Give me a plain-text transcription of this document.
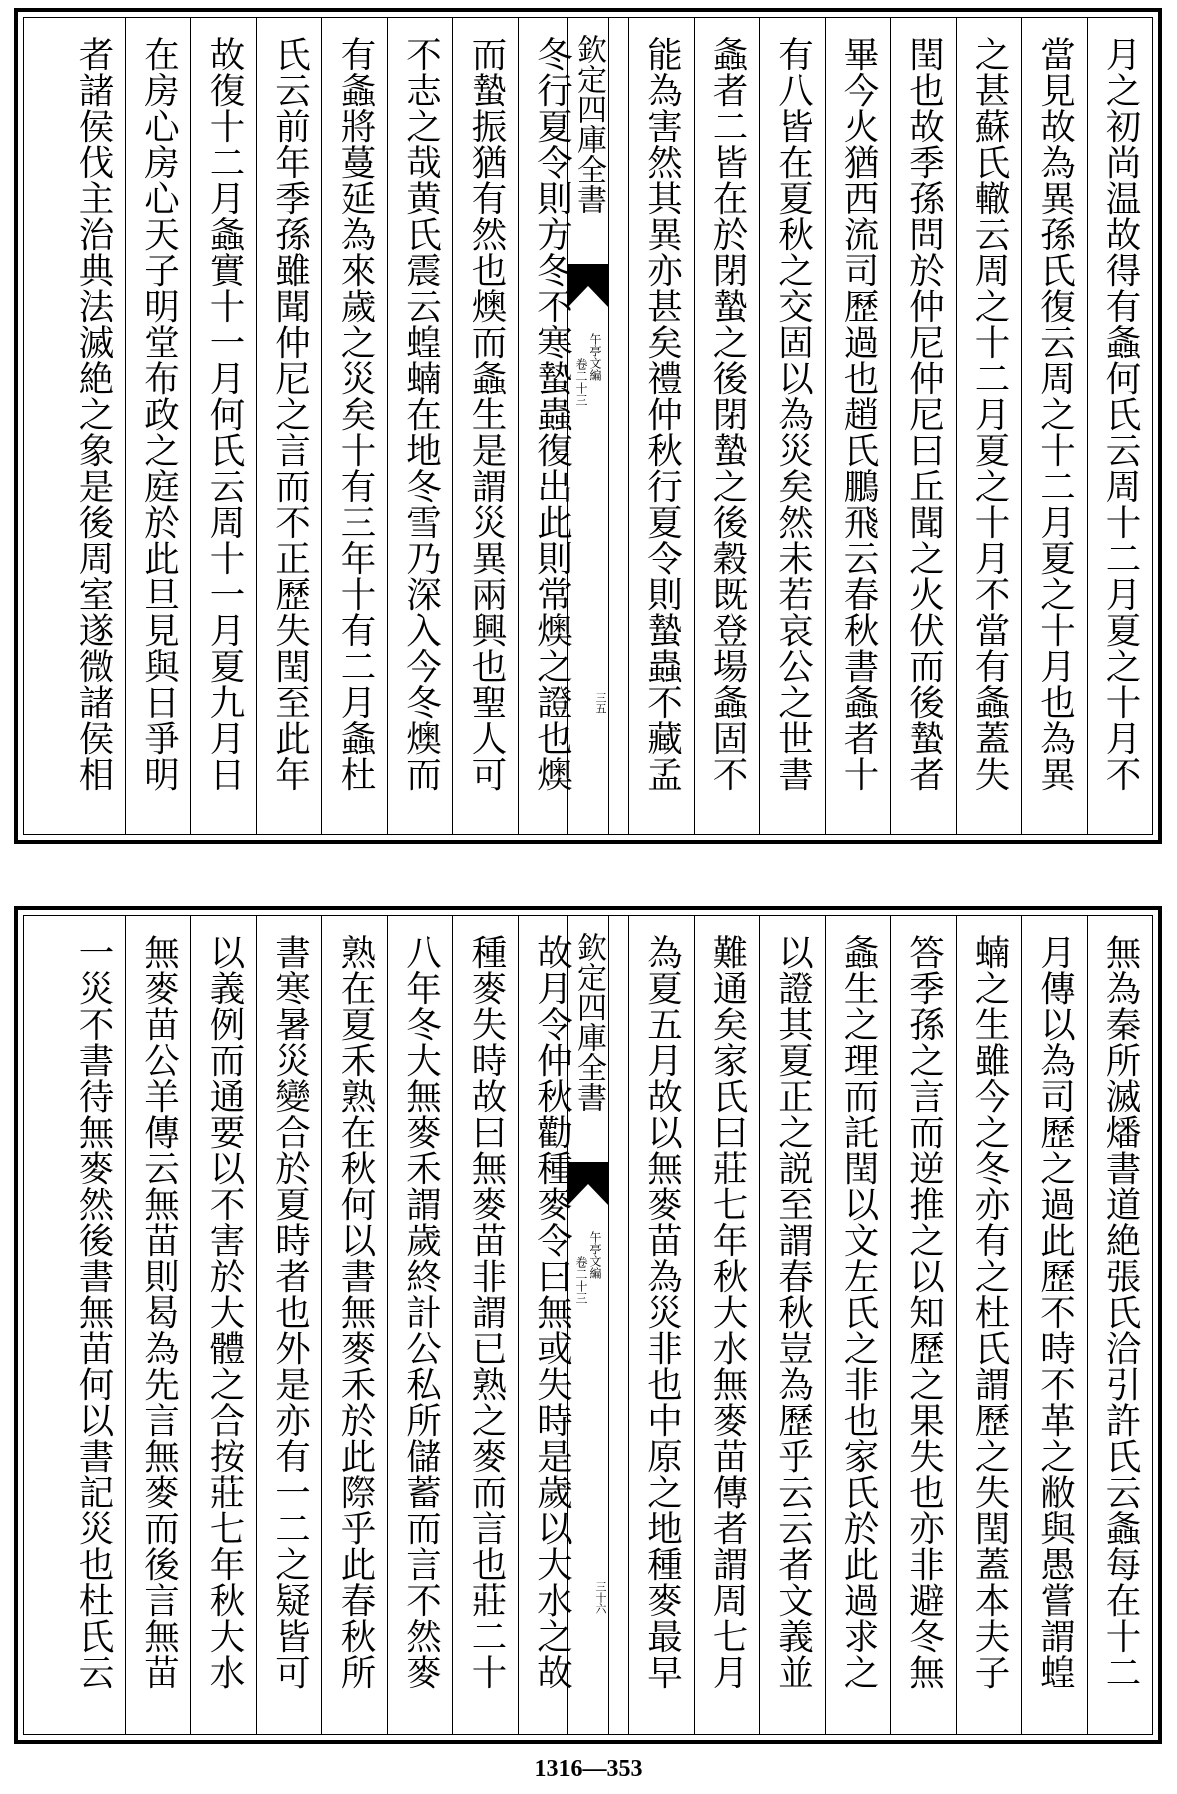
月之初尚温故得有螽何氏云周十二月夏之十月不
當見故為異孫氏復云周之十二月夏之十月也為異
之甚蘇氏轍云周之十二月夏之十月不當有螽蓋失
閏也故季孫問於仲尼仲尼曰丘聞之火伏而後蟄者
畢今火猶西流司歷過也趙氏鵬飛云春秋書螽者十
有八皆在夏秋之交固以為災矣然未若哀公之世書
螽者二皆在於閉蟄之後閉蟄之後穀既登場螽固不
能為害然其異亦甚矣禮仲秋行夏令則蟄蟲不藏孟
欽定四庫全書
午亭文編
卷二十三
三五
冬行夏令則方冬不寒蟄蟲復出此則常燠之證也燠
而蟄振猶有然也燠而螽生是謂災異兩興也聖人可
不志之哉黄氏震云蝗蝻在地冬雪乃深入今冬燠而
有螽將蔓延為來歲之災矣十有三年十有二月螽杜
氏云前年季孫雖聞仲尼之言而不正歷失閏至此年
故復十二月螽實十一月何氏云周十一月夏九月日
在房心房心天子明堂布政之庭於此旦見與日爭明
者諸侯伐主治典法滅絶之象是後周室遂微諸侯相
無為秦所滅燔書道絶張氏洽引許氏云螽每在十二
月傳以為司歷之過此歷不時不革之敝與愚嘗謂蝗
蝻之生雖今之冬亦有之杜氏謂歷之失閏蓋本夫子
答季孫之言而逆推之以知歷之果失也亦非避冬無
螽生之理而託閏以文左氏之非也家氏於此過求之
以證其夏正之説至謂春秋豈為歷乎云云者文義並
難通矣家氏曰莊七年秋大水無麥苗傳者謂周七月
為夏五月故以無麥苗為災非也中原之地種麥最早
欽定四庫全書
午亭文編
卷二十三
三十六
故月令仲秋勸種麥令曰無或失時是歲以大水之故
種麥失時故曰無麥苗非謂已熟之麥而言也莊二十
八年冬大無麥禾謂歲終計公私所儲蓄而言不然麥
熟在夏禾熟在秋何以書無麥禾於此際乎此春秋所
書寒暑災變合於夏時者也外是亦有一二之疑皆可
以義例而通要以不害於大體之合按莊七年秋大水
無麥苗公羊傳云無苗則曷為先言無麥而後言無苗
一災不書待無麥然後書無苗何以書記災也杜氏云
1316—353
